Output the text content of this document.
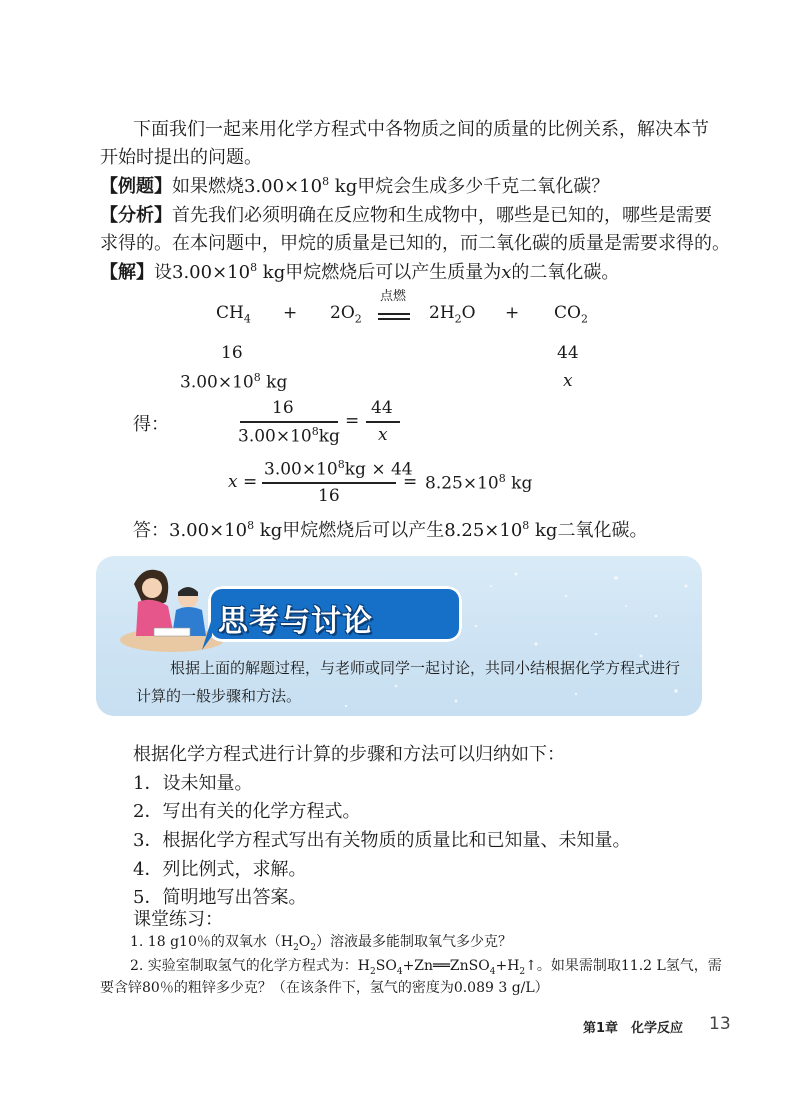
下面我们一起来用化学方程式中各物质之间的质量的比例关系，解决本节
开始时提出的问题。
【例题】如果燃烧$3.00\times 10^8$ kg甲烷会生成多少千克二氧化碳？
【分析】首先我们必须明确在反应物和生成物中，哪些是已知的，哪些是需要
求得的。在本问题中，甲烷的质量是已知的，而二氧化碳的质量是需要求得的。
【解】设$3.00\times 10^8$ kg甲烷燃烧后可以产生质量为x的二氧化碳。
$CH_4 + 2O_2$
点燃
$2H_2O + CO_2$
16	44
$3.00\times 10^8$ kg	x
得：
16
$3.00\times 10^8kg$
=
44
x
x =
$3.00\times 10^8kg \times 44$
16
= $8.25\times 10^8$ kg
答：$3.00\times 10^8$ kg甲烷燃烧后可以产生$8.25\times 10^8$ kg二氧化碳。
思考与讨论
根据上面的解题过程，与老师或同学一起讨论，共同小结根据化学方程式进行
计算的一般步骤和方法。
根据化学方程式进行计算的步骤和方法可以归纳如下：
1．设未知量。
2．写出有关的化学方程式。
3．根据化学方程式写出有关物质的质量比和已知量、未知量。
4．列比例式，求解。
5．简明地写出答案。
课堂练习：
1. 18 g10％的双氧水$(H_2O_2)$溶液最多能制取氧气多少克？
2. 实验室制取氢气的化学方程式为：$H_2SO_4+Zn══ZnSO_4+H_2↑$。如果需制取11.2 L氢气，需
要含锌80％的粗锌多少克？（在该条件下，氢气的密度为0.089 3 g/L）
第1章　化学反应 13
